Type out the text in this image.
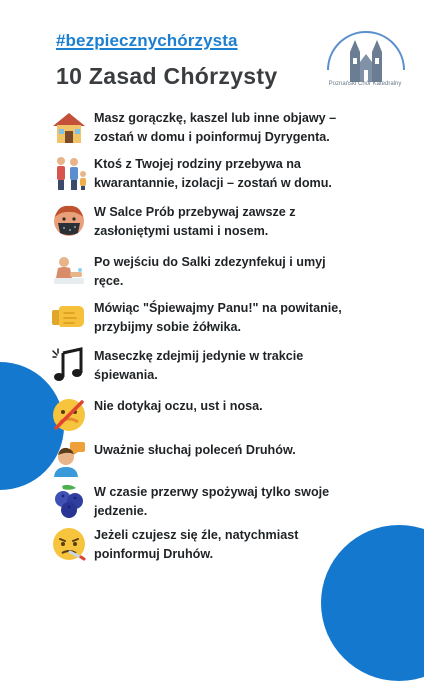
#bezpiecznychórzysta
10 Zasad Chórzysty	Poznański Chór Katedralny
Masz gorączkę, kaszel lub inne objawy –
zostań w domu i poinformuj Dyrygenta.
Ktoś z Twojej rodziny przebywa na
kwarantannie, izolacji – zostań w domu.
W Salce Prób przebywaj zawsze z
zasłoniętymi ustami i nosem.
Po wejściu do Salki zdezynfekuj i umyj
ręce.
Mówiąc "Śpiewajmy Panu!" na powitanie,
przybijmy sobie żółwika.
Maseczkę zdejmij jedynie w trakcie
śpiewania.
Nie dotykaj oczu, ust i nosa.
Uważnie słuchaj poleceń Druhów.
W czasie przerwy spożywaj tylko swoje
jedzenie.
Jeżeli czujesz się źle, natychmiast
poinformuj Druhów.
